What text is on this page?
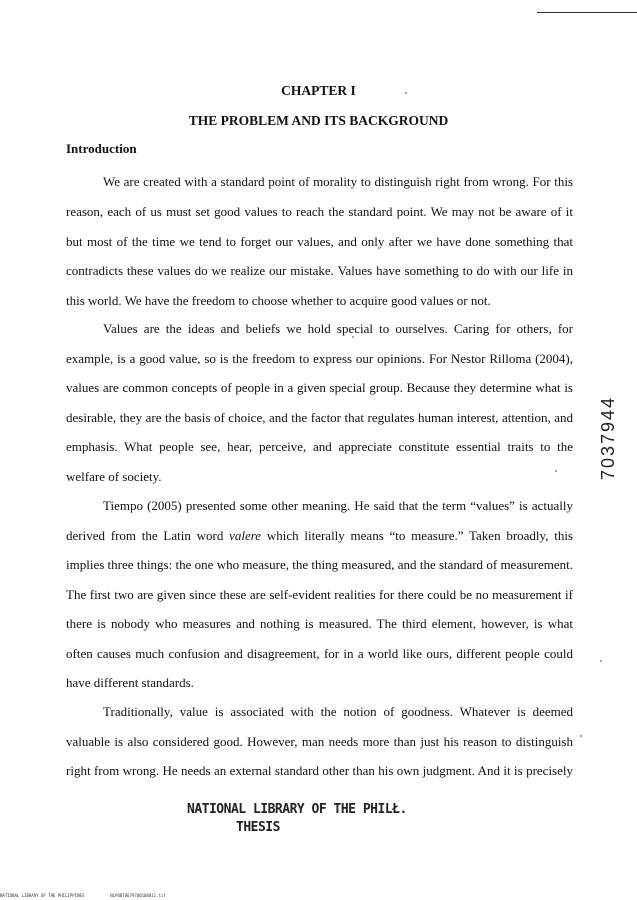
CHAPTER I
THE PROBLEM AND ITS BACKGROUND
Introduction
We are created with a standard point of morality to distinguish right from wrong. For this
reason, each of us must set good values to reach the standard point. We may not be aware of it
but most of the time we tend to forget our values, and only after we have done something that
contradicts these values do we realize our mistake. Values have something to do with our life in
this world. We have the freedom to choose whether to acquire good values or not.
Values are the ideas and beliefs we hold special to ourselves. Caring for others, for
example, is a good value, so is the freedom to express our opinions. For Nestor Rilloma (2004),
values are common concepts of people in a given special group. Because they determine what is
desirable, they are the basis of choice, and the factor that regulates human interest, attention, and
emphasis. What people see, hear, perceive, and appreciate constitute essential traits to the
welfare of society.
Tiempo (2005) presented some other meaning. He said that the term “values” is actually
derived from the Latin word valere which literally means “to measure.” Taken broadly, this
implies three things: the one who measure, the thing measured, and the standard of measurement.
The first two are given since these are self-evident realities for there could be no measurement if
there is nobody who measures and nothing is measured. The third element, however, is what
often causes much confusion and disagreement, for in a world like ours, different people could
have different standards.
Traditionally, value is associated with the notion of goodness. Whatever is deemed
valuable is also considered good. However, man needs more than just his reason to distinguish
right from wrong. He needs an external standard other than his own judgment. And it is precisely
NATIONAL LIBRARY OF THE PHILŁ.
THESIS
7037944
NATIONAL LIBRARY OF THE PHILIPPINES	NLPOBT0079700108011.tif
